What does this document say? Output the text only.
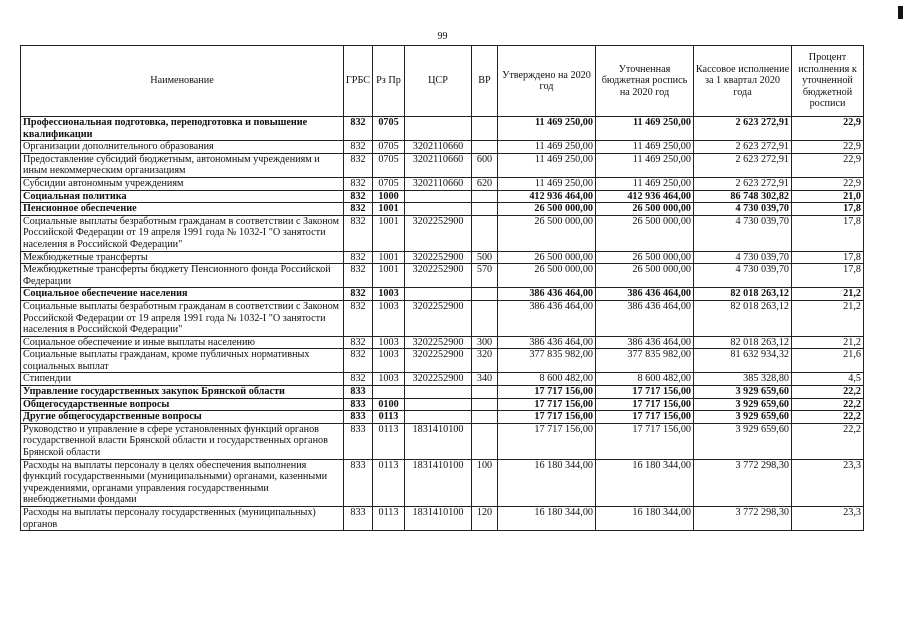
99
Наименование	ГРБС	Рз Пр	ЦСР	ВР	Утверждено на 2020 год	Уточненная бюджетная роспись на 2020 год	Кассовое исполнение за 1 квартал 2020 года	Процент исполнения к уточненной бюджетной росписи
Профессиональная подготовка, переподготовка и повышение квалификации	832	0705			11 469 250,00	11 469 250,00	2 623 272,91	22,9
Организации дополнительного образования	832	0705	3202110660		11 469 250,00	11 469 250,00	2 623 272,91	22,9
Предоставление субсидий бюджетным, автономным учреждениям и иным некоммерческим организациям	832	0705	3202110660	600	11 469 250,00	11 469 250,00	2 623 272,91	22,9
Субсидии автономным учреждениям	832	0705	3202110660	620	11 469 250,00	11 469 250,00	2 623 272,91	22,9
Социальная политика	832	1000			412 936 464,00	412 936 464,00	86 748 302,82	21,0
Пенсионное обеспечение	832	1001			26 500 000,00	26 500 000,00	4 730 039,70	17,8
Социальные выплаты безработным гражданам в соответствии с Законом Российской Федерации от 19 апреля 1991 года № 1032-I "О занятости населения в Российской Федерации"	832	1001	3202252900		26 500 000,00	26 500 000,00	4 730 039,70	17,8
Межбюджетные трансферты	832	1001	3202252900	500	26 500 000,00	26 500 000,00	4 730 039,70	17,8
Межбюджетные трансферты бюджету Пенсионного фонда Российской Федерации	832	1001	3202252900	570	26 500 000,00	26 500 000,00	4 730 039,70	17,8
Социальное обеспечение населения	832	1003			386 436 464,00	386 436 464,00	82 018 263,12	21,2
Социальные выплаты безработным гражданам в соответствии с Законом Российской Федерации от 19 апреля 1991 года № 1032-I "О занятости населения в Российской Федерации"	832	1003	3202252900		386 436 464,00	386 436 464,00	82 018 263,12	21,2
Социальное обеспечение и иные выплаты населению	832	1003	3202252900	300	386 436 464,00	386 436 464,00	82 018 263,12	21,2
Социальные выплаты гражданам, кроме публичных нормативных социальных выплат	832	1003	3202252900	320	377 835 982,00	377 835 982,00	81 632 934,32	21,6
Стипендии	832	1003	3202252900	340	8 600 482,00	8 600 482,00	385 328,80	4,5
Управление государственных закупок Брянской области	833				17 717 156,00	17 717 156,00	3 929 659,60	22,2
Общегосударственные вопросы	833	0100			17 717 156,00	17 717 156,00	3 929 659,60	22,2
Другие общегосударственные вопросы	833	0113			17 717 156,00	17 717 156,00	3 929 659,60	22,2
Руководство и управление в сфере установленных функций органов государственной власти Брянской области и государственных органов Брянской области	833	0113	1831410100		17 717 156,00	17 717 156,00	3 929 659,60	22,2
Расходы на выплаты персоналу в целях обеспечения выполнения функций государственными (муниципальными) органами, казенными учреждениями, органами управления государственными внебюджетными фондами	833	0113	1831410100	100	16 180 344,00	16 180 344,00	3 772 298,30	23,3
Расходы на выплаты персоналу государственных (муниципальных) органов	833	0113	1831410100	120	16 180 344,00	16 180 344,00	3 772 298,30	23,3
